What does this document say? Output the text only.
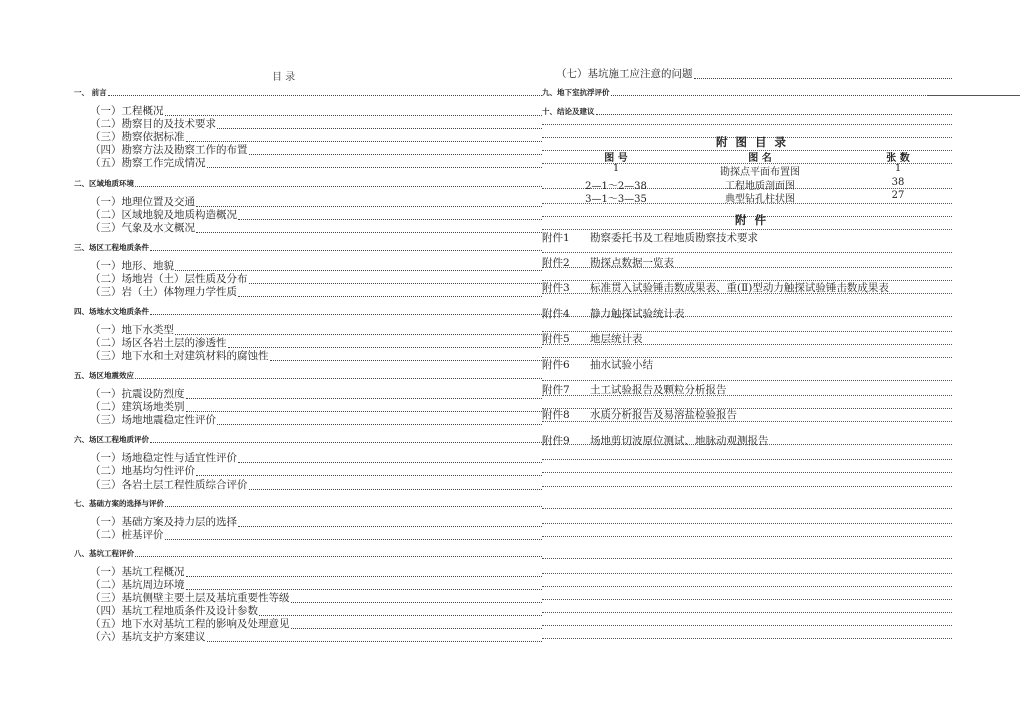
目 录
一、 前言
（一）工程概况
（二）勘察目的及技术要求
（三）勘察依据标准
（四）勘察方法及勘察工作的布置
（五）勘察工作完成情况
二、区域地质环境
（一）地理位置及交通
（二）区域地貌及地质构造概况
（三）气象及水文概况
三、场区工程地质条件
（一）地形、地貌
（二）场地岩（土）层性质及分布
（三）岩（土）体物理力学性质
四、场地水文地质条件
（一）地下水类型
（二）场区各岩土层的渗透性
（三）地下水和土对建筑材料的腐蚀性
五、场区地震效应
（一）抗震设防烈度
（二）建筑场地类别
（三）场地地震稳定性评价
六、场区工程地质评价
（一）场地稳定性与适宜性评价
（二）地基均匀性评价
（三）各岩土层工程性质综合评价
七、基础方案的选择与评价
（一）基础方案及持力层的选择
（二）桩基评价
八、基坑工程评价
（一）基坑工程概况
（二）基坑周边环境
（三）基坑侧壁主要土层及基坑重要性等级
（四）基坑工程地质条件及设计参数
（五）地下水对基坑工程的影响及处理意见
（六）基坑支护方案建议
（七）基坑施工应注意的问题
九、地下室抗浮评价
十、结论及建议
附 图 目 录
图 号	图 名	张 数
1	勘探点平面布置图	1
2—1～2—38	工程地质剖面图	38
3—1～3—35	典型钻孔柱状图	27
附 件
附件1	勘察委托书及工程地质勘察技术要求
附件2	勘探点数据一览表
附件3	标准贯入试验锤击数成果表、重(Ⅱ)型动力触探试验锤击数成果表
附件4	静力触探试验统计表
附件5	地层统计表
附件6	抽水试验小结
附件7	土工试验报告及颗粒分析报告
附件8	水质分析报告及易溶盐检验报告
附件9	场地剪切波原位测试、地脉动观测报告
